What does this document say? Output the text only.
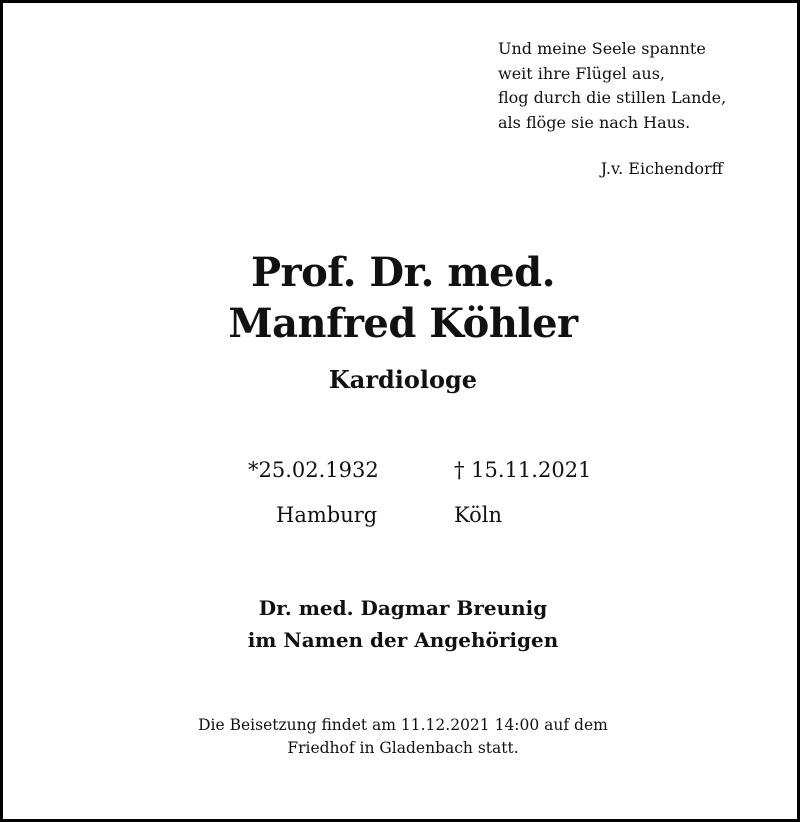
Und meine Seele spannte
weit ihre Flügel aus,
flog durch die stillen Lande,
als flöge sie nach Haus.
J.v. Eichendorff
Prof. Dr. med.
Manfred Köhler
Kardiologe
*25.02.1932	† 15.11.2021
Hamburg	Köln
Dr. med. Dagmar Breunig
im Namen der Angehörigen
Die Beisetzung findet am 11.12.2021 14:00 auf dem
Friedhof in Gladenbach statt.
